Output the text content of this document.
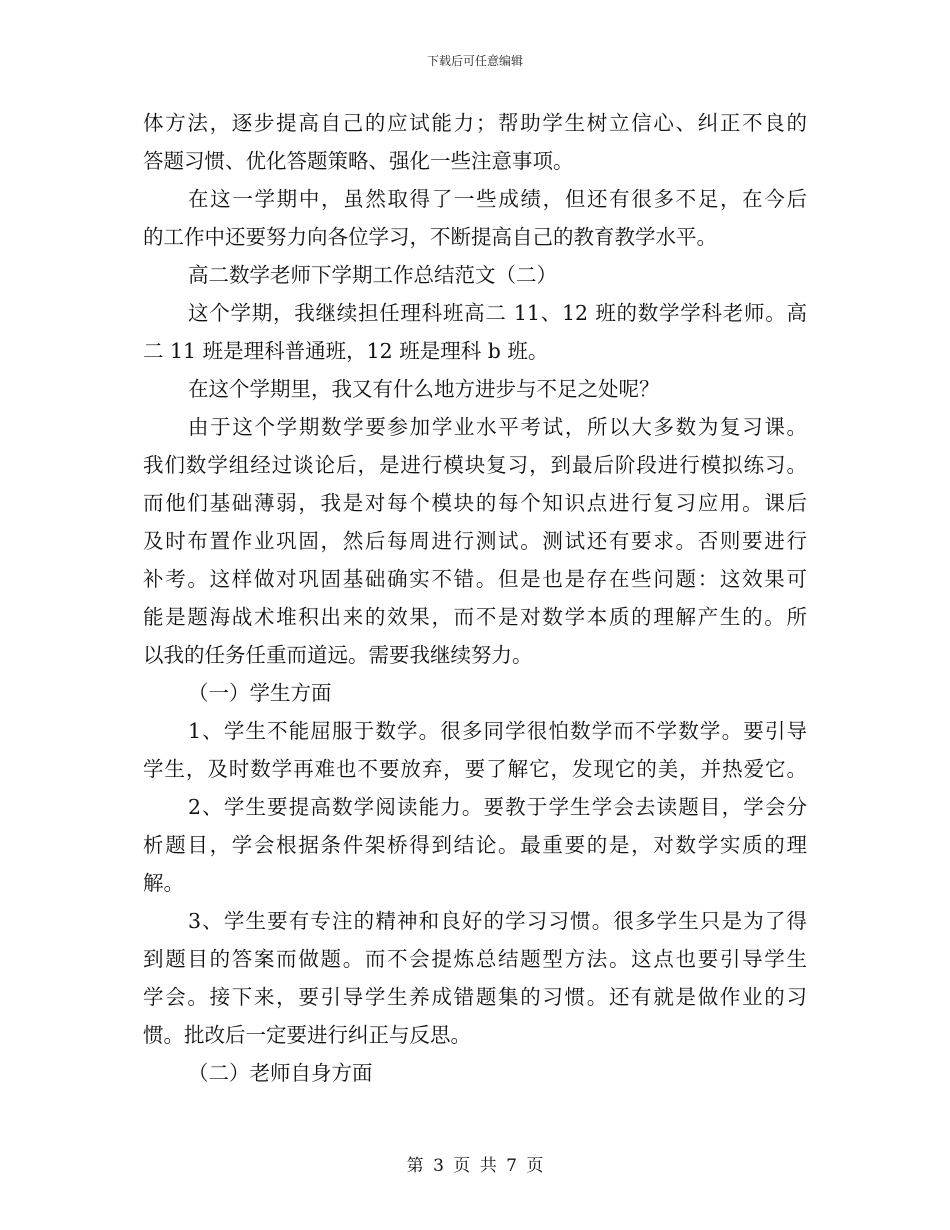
下载后可任意编辑
体方法，逐步提高自己的应试能力；帮助学生树立信心、纠正不良的
答题习惯、优化答题策略、强化一些注意事项。
在这一学期中，虽然取得了一些成绩，但还有很多不足，在今后
的工作中还要努力向各位学习，不断提高自己的教育教学水平。
高二数学老师下学期工作总结范文（二）
这个学期，我继续担任理科班高二 11、12 班的数学学科老师。高
二 11 班是理科普通班，12 班是理科 b 班。
在这个学期里，我又有什么地方进步与不足之处呢？
由于这个学期数学要参加学业水平考试，所以大多数为复习课。
我们数学组经过谈论后，是进行模块复习，到最后阶段进行模拟练习。
而他们基础薄弱，我是对每个模块的每个知识点进行复习应用。课后
及时布置作业巩固，然后每周进行测试。测试还有要求。否则要进行
补考。这样做对巩固基础确实不错。但是也是存在些问题：这效果可
能是题海战术堆积出来的效果，而不是对数学本质的理解产生的。所
以我的任务任重而道远。需要我继续努力。
（一）学生方面
1、学生不能屈服于数学。很多同学很怕数学而不学数学。要引导
学生，及时数学再难也不要放弃，要了解它，发现它的美，并热爱它。
2、学生要提高数学阅读能力。要教于学生学会去读题目，学会分
析题目，学会根据条件架桥得到结论。最重要的是，对数学实质的理
解。
3、学生要有专注的精神和良好的学习习惯。很多学生只是为了得
到题目的答案而做题。而不会提炼总结题型方法。这点也要引导学生
学会。接下来，要引导学生养成错题集的习惯。还有就是做作业的习
惯。批改后一定要进行纠正与反思。
（二）老师自身方面
第 3 页 共 7 页
